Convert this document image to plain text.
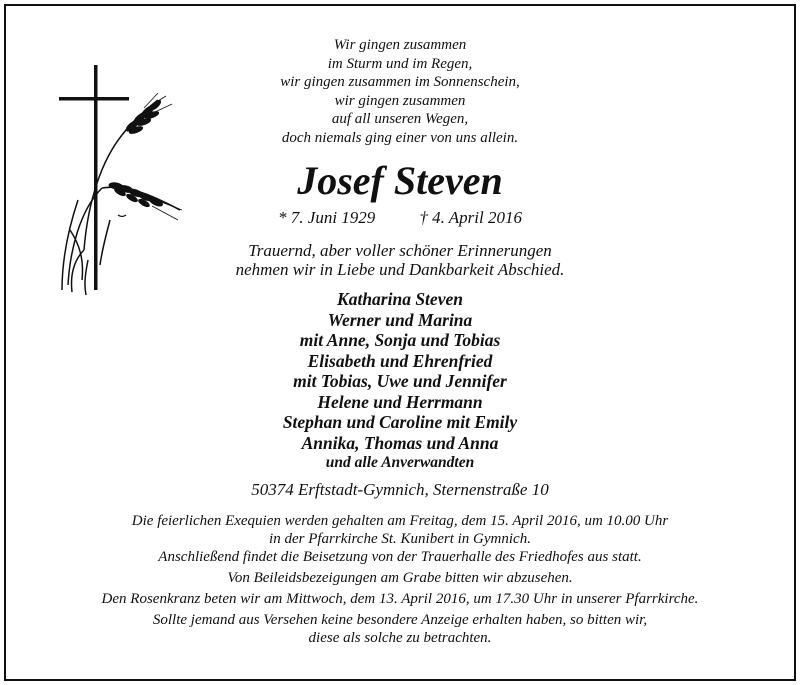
Wir gingen zusammen
im Sturm und im Regen,
wir gingen zusammen im Sonnenschein,
wir gingen zusammen
auf all unseren Wegen,
doch niemals ging einer von uns allein.
Josef Steven
* 7. Juni 1929	† 4. April 2016
Trauernd, aber voller schöner Erinnerungen
nehmen wir in Liebe und Dankbarkeit Abschied.
Katharina Steven
Werner und Marina
mit Anne, Sonja und Tobias
Elisabeth und Ehrenfried
mit Tobias, Uwe und Jennifer
Helene und Herrmann
Stephan und Caroline mit Emily
Annika, Thomas und Anna
und alle Anverwandten
50374 Erftstadt-Gymnich, Sternenstraße 10
Die feierlichen Exequien werden gehalten am Freitag, dem 15. April 2016, um 10.00 Uhr
in der Pfarrkirche St. Kunibert in Gymnich.
Anschließend findet die Beisetzung von der Trauerhalle des Friedhofes aus statt.
Von Beileidsbezeigungen am Grabe bitten wir abzusehen.
Den Rosenkranz beten wir am Mittwoch, dem 13. April 2016, um 17.30 Uhr in unserer Pfarrkirche.
Sollte jemand aus Versehen keine besondere Anzeige erhalten haben, so bitten wir,
diese als solche zu betrachten.
